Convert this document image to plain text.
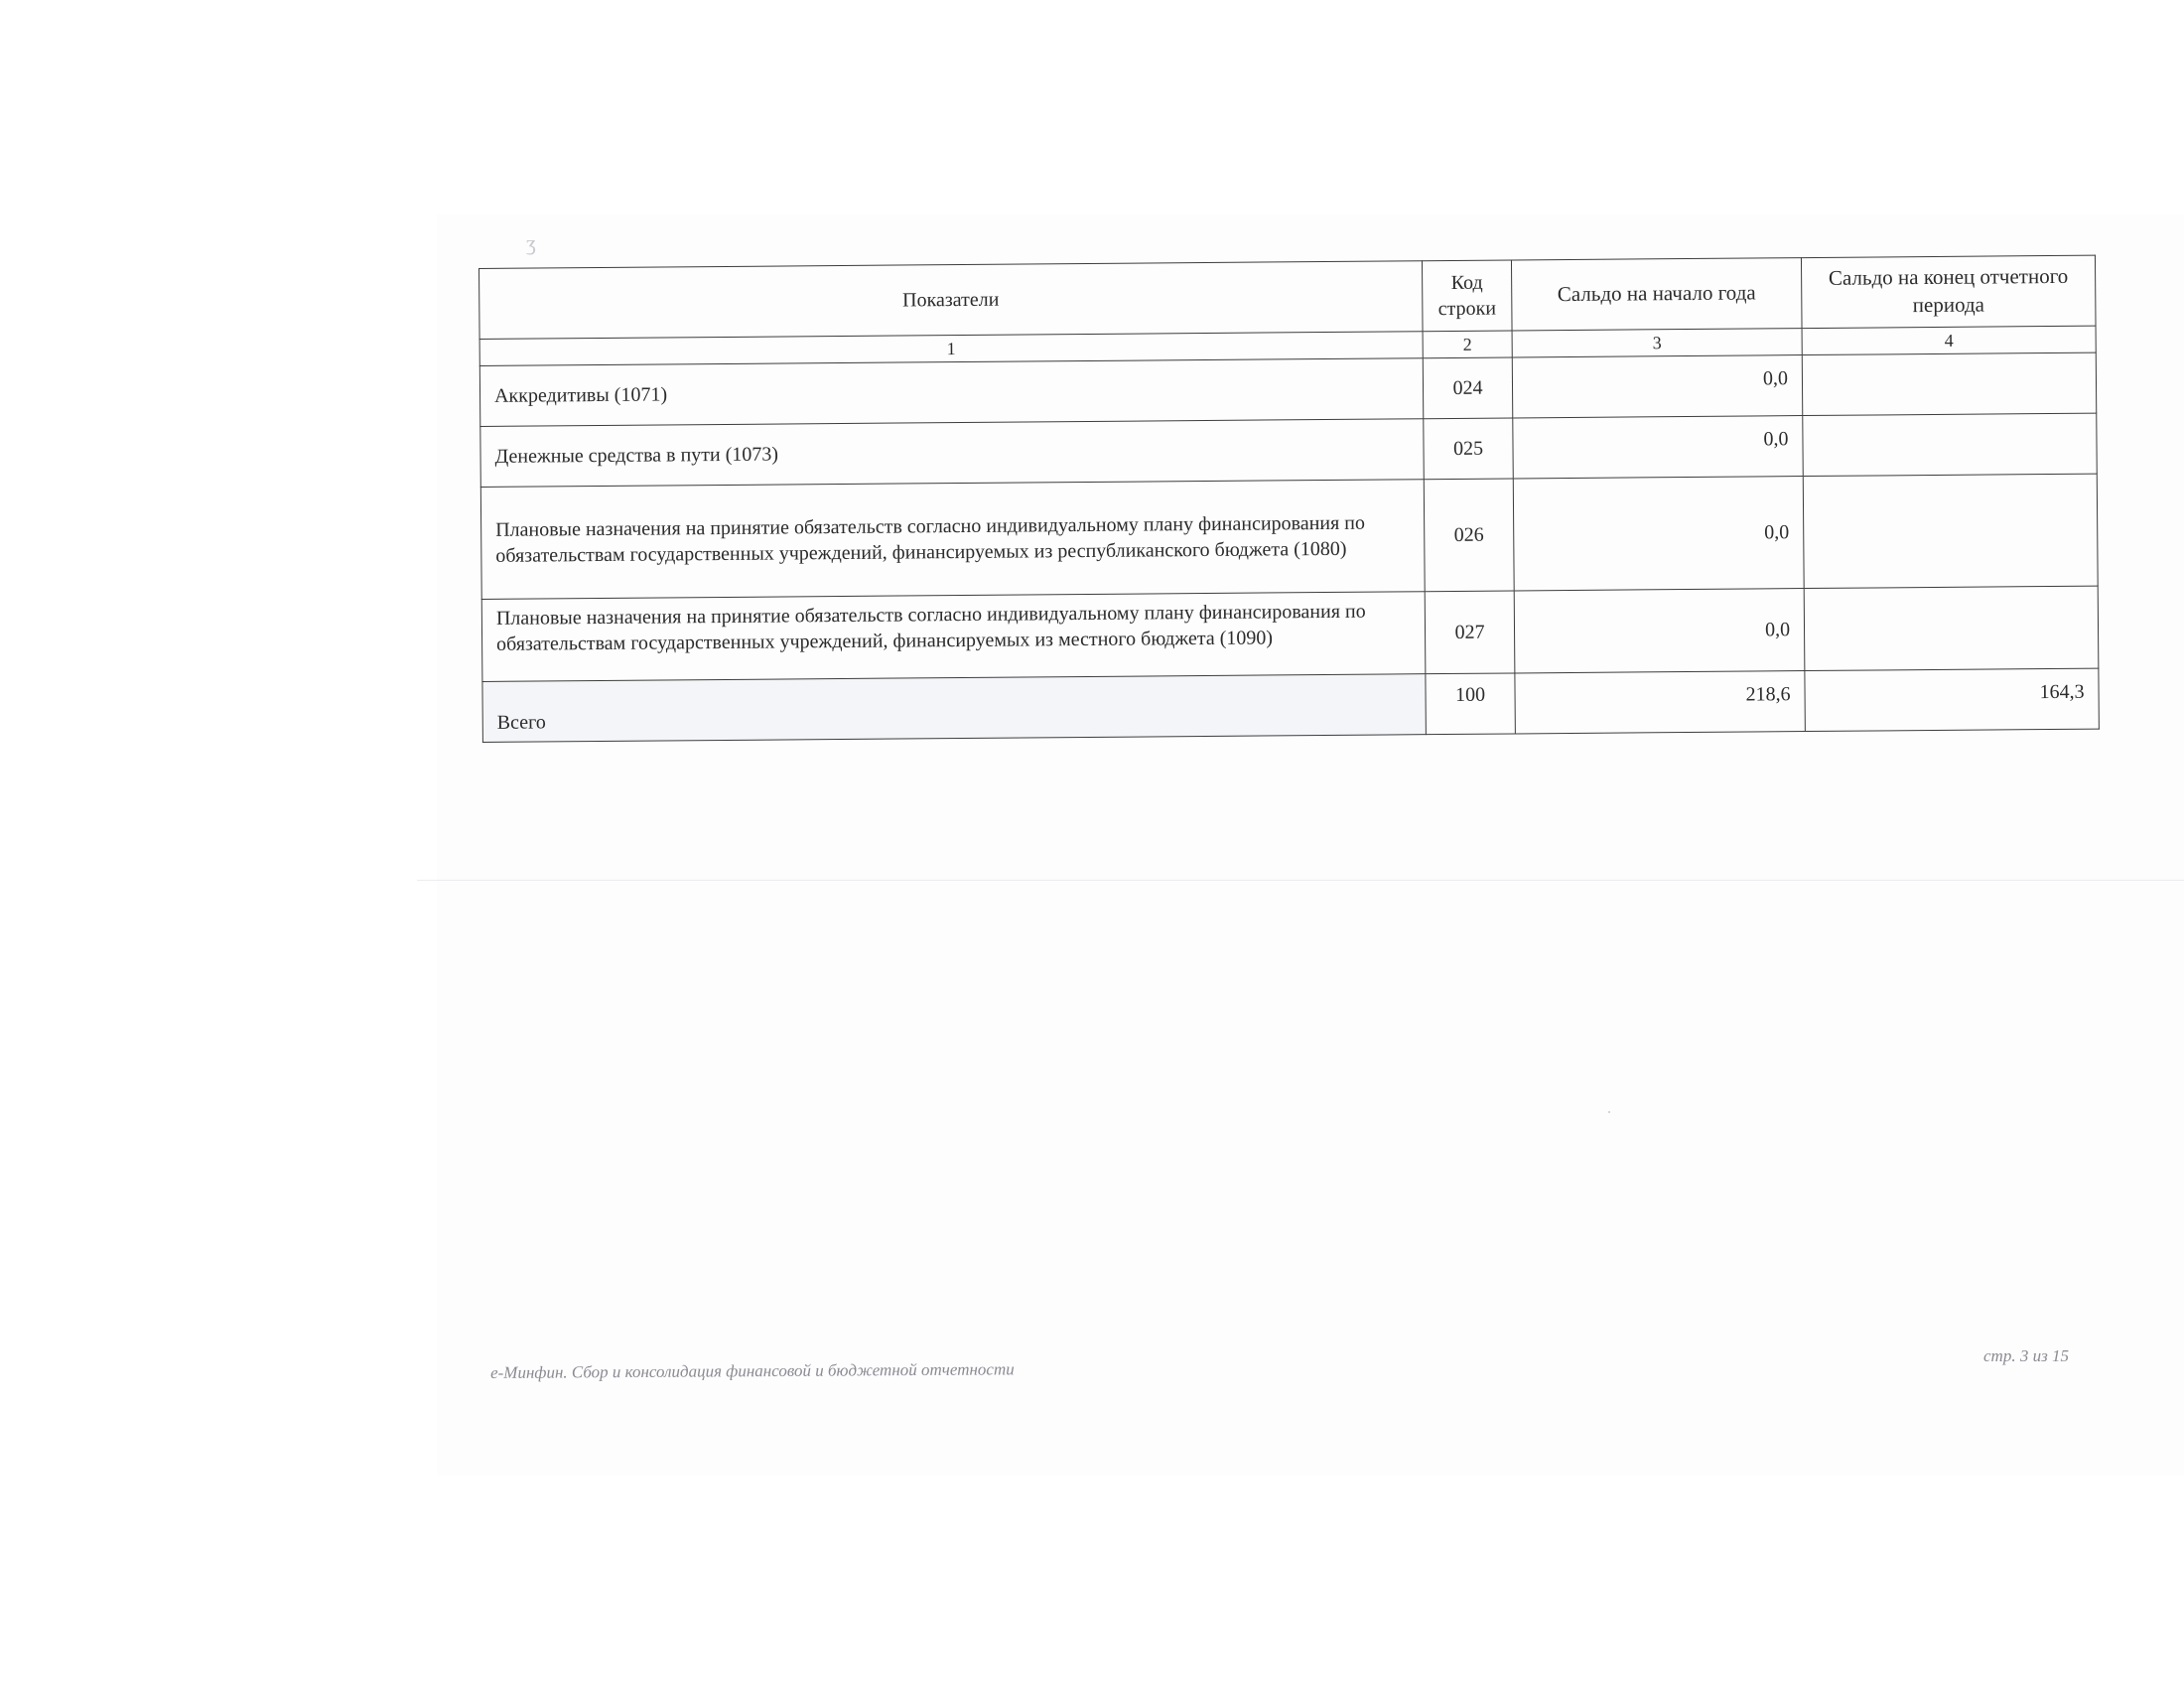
ʒ
Показатели	Код строки	Сальдо на начало года	Сальдо на конец отчетного периода
1	2	3	4
Аккредитивы (1071)	024	0,0	
Денежные средства в пути (1073)	025	0,0	
Плановые назначения на принятие обязательств согласно индивидуальному плану финансирования по обязательствам государственных учреждений, финансируемых из республиканского бюджета (1080)	026	0,0	
Плановые назначения на принятие обязательств согласно индивидуальному плану финансирования по обязательствам государственных учреждений, финансируемых из местного бюджета (1090)	027	0,0	
Всего	100	218,6	164,3
е-Минфин. Сбор и консолидация финансовой и бюджетной отчетности
стр. 3 из 15
